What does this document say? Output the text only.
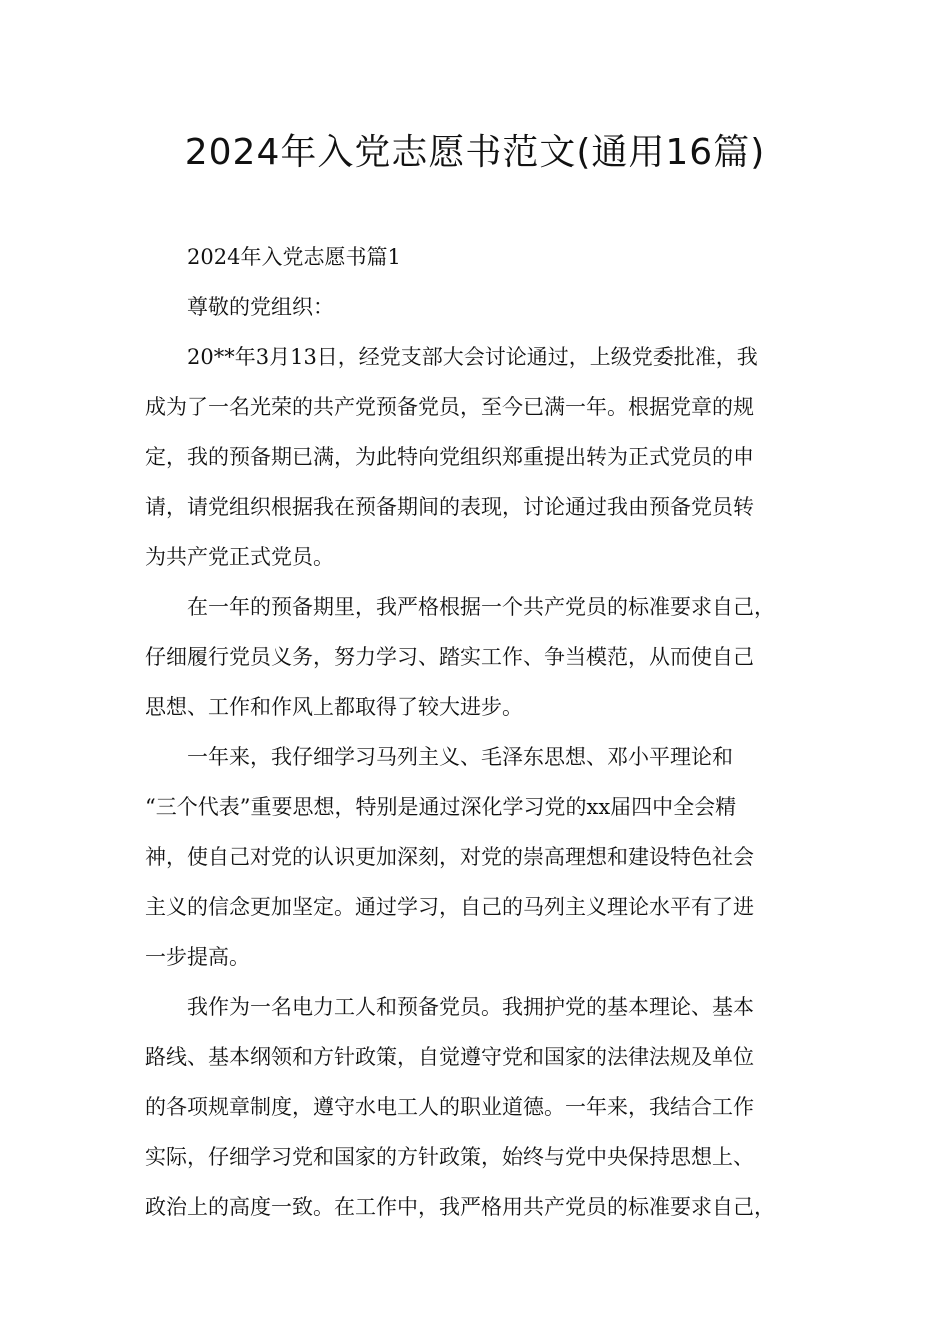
2024年入党志愿书范文(通用16篇)

2024年入党志愿书篇1

尊敬的党组织：

20**年3月13日，经党支部大会讨论通过，上级党委批准，我
成为了一名光荣的共产党预备党员，至今已满一年。根据党章的规
定，我的预备期已满，为此特向党组织郑重提出转为正式党员的申
请，请党组织根据我在预备期间的表现，讨论通过我由预备党员转
为共产党正式党员。

在一年的预备期里，我严格根据一个共产党员的标准要求自己，
仔细履行党员义务，努力学习、踏实工作、争当模范，从而使自己
思想、工作和作风上都取得了较大进步。

一年来，我仔细学习马列主义、毛泽东思想、邓小平理论和
“三个代表”重要思想，特别是通过深化学习党的xx届四中全会精
神，使自己对党的认识更加深刻，对党的崇高理想和建设特色社会
主义的信念更加坚定。通过学习，自己的马列主义理论水平有了进
一步提高。

我作为一名电力工人和预备党员。我拥护党的基本理论、基本
路线、基本纲领和方针政策，自觉遵守党和国家的法律法规及单位
的各项规章制度，遵守水电工人的职业道德。一年来，我结合工作
实际，仔细学习党和国家的方针政策，始终与党中央保持思想上、
政治上的高度一致。在工作中，我严格用共产党员的标准要求自己，
